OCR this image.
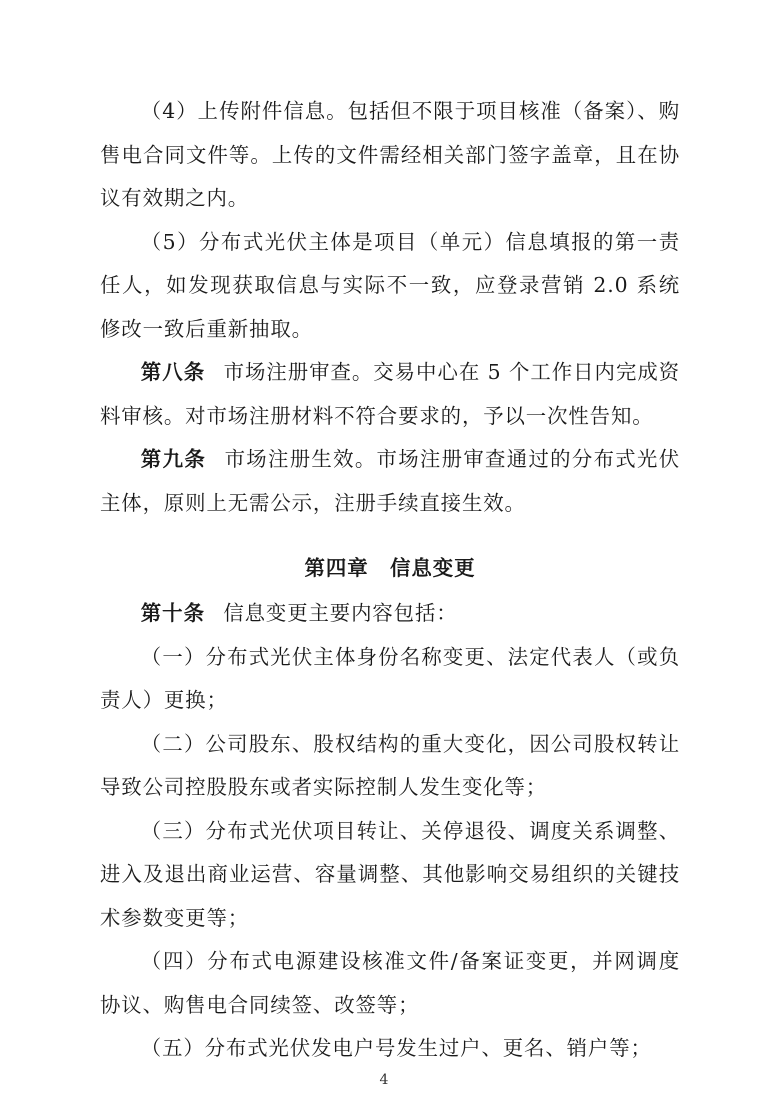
（4）上传附件信息。包括但不限于项目核准（备案）、购售电合同文件等。上传的文件需经相关部门签字盖章，且在协议有效期之内。

（5）分布式光伏主体是项目（单元）信息填报的第一责任人，如发现获取信息与实际不一致，应登录营销 2.0 系统修改一致后重新抽取。

第八条 市场注册审查。交易中心在 5 个工作日内完成资料审核。对市场注册材料不符合要求的，予以一次性告知。

第九条 市场注册生效。市场注册审查通过的分布式光伏主体，原则上无需公示，注册手续直接生效。

第四章　信息变更

第十条 信息变更主要内容包括：

（一）分布式光伏主体身份名称变更、法定代表人（或负责人）更换；

（二）公司股东、股权结构的重大变化，因公司股权转让导致公司控股股东或者实际控制人发生变化等；

（三）分布式光伏项目转让、关停退役、调度关系调整、进入及退出商业运营、容量调整、其他影响交易组织的关键技术参数变更等；

（四）分布式电源建设核准文件/备案证变更，并网调度协议、购售电合同续签、改签等；

（五）分布式光伏发电户号发生过户、更名、销户等；

4
